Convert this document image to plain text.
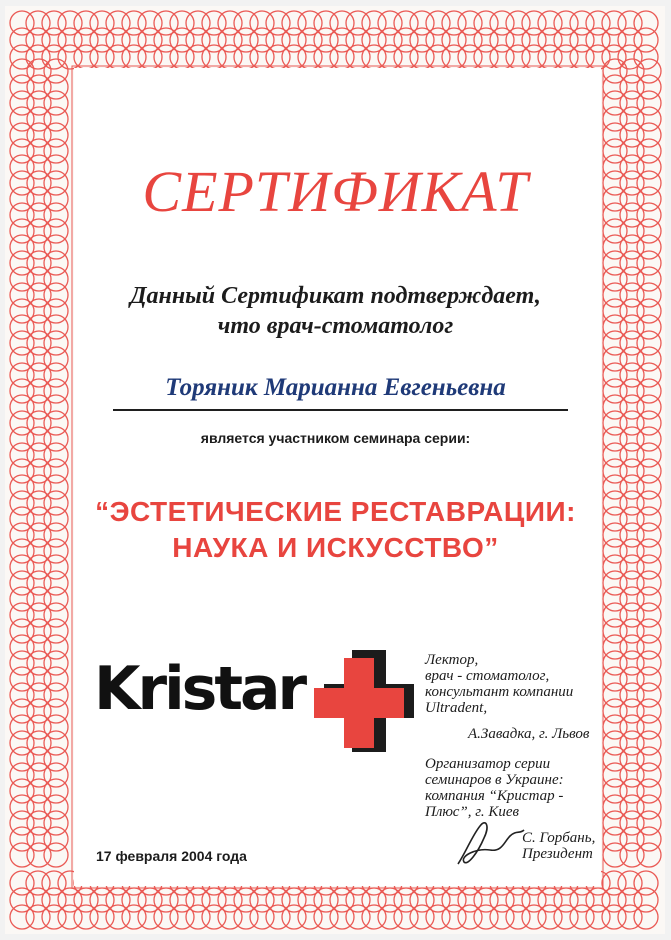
СЕРТИФИКАТ
Данный Сертификат подтверждает,
что врач-стоматолог
Торяник Марианна Евгеньевна
является участником семинара серии:
“ЭСТЕТИЧЕСКИЕ РЕСТАВРАЦИИ:
НАУКА И ИСКУССТВО”
Kristar	Лектор,
врач - стоматолог,
консультант компании
Ultradent,
А.Завадка, г. Львов
Организатор серии
семинаров в Украине:
компания “Кристар -
Плюс”, г. Киев
С. Горбань,
Президент
17 февраля 2004 года
